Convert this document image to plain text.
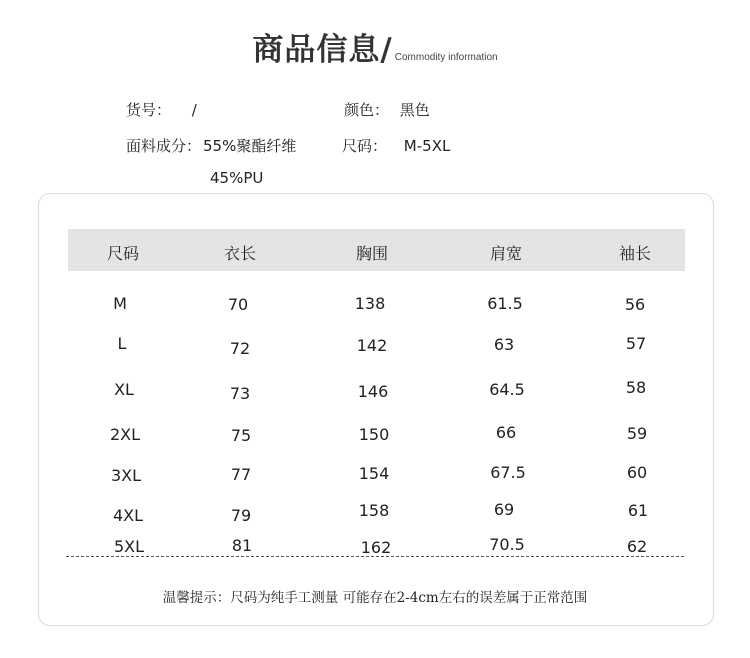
商品信息/ Commodity information
货号： /	颜色： 黑色
面料成分： 55%聚酯纤维
45%PU
尺码： M-5XL
尺码	衣长	胸围	肩宽	袖长
M	70	138	61.5	56
L	72	142	63	57
XL	73	146	64.5	58
2XL	75	150	66	59
3XL	77	154	67.5	60
4XL	79	158	69	61
5XL	81	162	70.5	62
温馨提示：尺码为纯手工测量 可能存在2-4cm左右的误差属于正常范围
